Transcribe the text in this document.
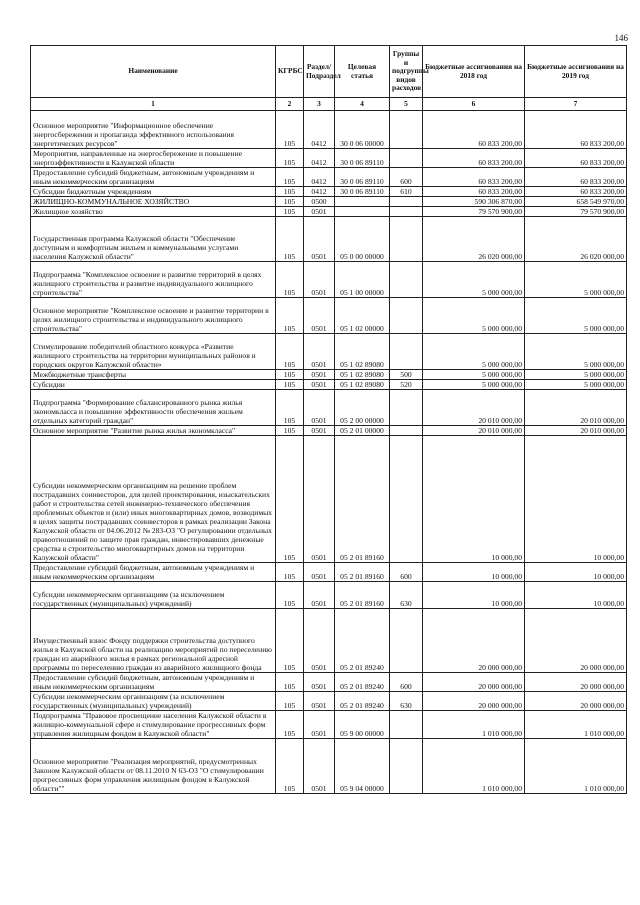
146
Наименование	КГРБС	Раздел/ Подраздел	Целевая статья	Группы и подгруппы видов расходов	Бюджетные ассигнования на 2018 год	Бюджетные ассигнования на 2019 год
1	2	3	4	5	6	7
Основное мероприятие "Информационное обеспечение энергосбережения и пропаганда эффективного использования энергетических ресурсов"	105	0412	30 0 06 00000		60 833 200,00	60 833 200,00
Мероприятия, направленные на энергосбережение и повышение энергоэффективности в Калужской области	105	0412	30 0 06 89110		60 833 200,00	60 833 200,00
Предоставление субсидий бюджетным, автономным учреждениям и иным некоммерческим организациям	105	0412	30 0 06 89110	600	60 833 200,00	60 833 200,00
Субсидии бюджетным учреждениям	105	0412	30 0 06 89110	610	60 833 200,00	60 833 200,00
ЖИЛИЩНО-КОММУНАЛЬНОЕ ХОЗЯЙСТВО	105	0500			590 306 870,00	658 549 970,00
Жилищное хозяйство	105	0501			79 570 900,00	79 570 900,00
Государственная программа Калужской области "Обеспечение доступным и комфортным жильем и коммунальными услугами населения Калужской области"	105	0501	05 0 00 00000		26 020 000,00	26 020 000,00
Подпрограмма "Комплексное освоение и развитие территорий в целях жилищного строительства и развитие индивидуального жилищного строительства"	105	0501	05 1 00 00000		5 000 000,00	5 000 000,00
Основное мероприятие "Комплексное освоение и развитие территории в целях жилищного строительства и индивидуального жилищного строительства"	105	0501	05 1 02 00000		5 000 000,00	5 000 000,00
Стимулирование победителей областного конкурса «Развитие жилищного строительства на территории муниципальных районов и городских округов Калужской области»	105	0501	05 1 02 89080		5 000 000,00	5 000 000,00
Межбюджетные трансферты	105	0501	05 1 02 89080	500	5 000 000,00	5 000 000,00
Субсидии	105	0501	05 1 02 89080	520	5 000 000,00	5 000 000,00
Подпрограмма "Формирование сбалансированного рынка жилья экономкласса и повышение эффективности обеспечения жильем отдельных категорий граждан"	105	0501	05 2 00 00000		20 010 000,00	20 010 000,00
Основное мероприятие "Развитие рынка жилья экономкласса"	105	0501	05 2 01 00000		20 010 000,00	20 010 000,00
Субсидии некоммерческим организациям на решение проблем пострадавших соинвесторов, для целей проектирования, изыскательских работ и строительства сетей инженерно-технического обеспечения проблемных объектов и (или) иных многоквартирных домов, возводимых в целях защиты пострадавших соинвесторов в рамках реализации Закона Калужской области от 04.06.2012 № 283-ОЗ "О регулировании отдельных правоотношений по защите прав граждан, инвестировавших денежные средства в строительство многоквартирных домов на территории Калужской области"	105	0501	05 2 01 89160		10 000,00	10 000,00
Предоставление субсидий бюджетным, автономным учреждениям и иным некоммерческим организациям	105	0501	05 2 01 89160	600	10 000,00	10 000,00
Субсидии некоммерческим организациям (за исключением государственных (муниципальных) учреждений)	105	0501	05 2 01 89160	630	10 000,00	10 000,00
Имущественный взнос Фонду поддержки строительства доступного жилья в Калужской области на реализацию мероприятий по переселению граждан из аварийного жилья в рамках региональной адресной программы по переселению граждан из аварийного жилищного фонда	105	0501	05 2 01 89240		20 000 000,00	20 000 000,00
Предоставление субсидий бюджетным, автономным учреждениям и иным некоммерческим организациям	105	0501	05 2 01 89240	600	20 000 000,00	20 000 000,00
Субсидии некоммерческим организациям (за исключением государственных (муниципальных) учреждений)	105	0501	05 2 01 89240	630	20 000 000,00	20 000 000,00
Подпрограмма "Правовое просвещение населения Калужской области в жилищно-коммунальной сфере и стимулирование прогрессивных форм управления жилищным фондом в Калужской области"	105	0501	05 9 00 00000		1 010 000,00	1 010 000,00
Основное мероприятие "Реализация мероприятий, предусмотренных Законом Калужской области от 08.11.2010 N 63-ОЗ "О стимулировании прогрессивных форм управления жилищным фондом в Калужской области""	105	0501	05 9 04 00000		1 010 000,00	1 010 000,00
